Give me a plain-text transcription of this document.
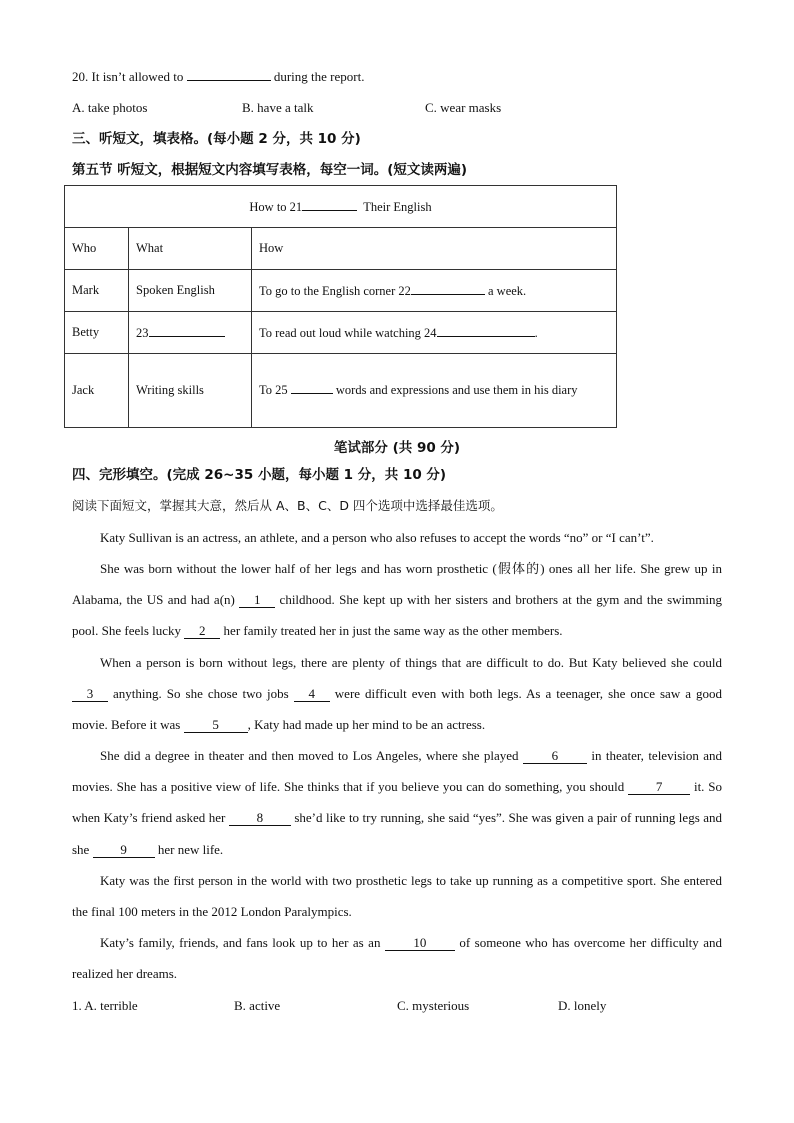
20. It isn’t allowed to	during the report.
A. take photos	B. have a talk	C. wear masks
三、听短文，填表格。(每小题 2 分，共 10 分)
第五节 听短文，根据短文内容填写表格，每空一词。(短文读两遍)
How to 21 Their English		
Who	What	How
Mark	Spoken English	To go to the English corner 22 a week.
Betty	23	To read out loud while watching 24 .
Jack	Writing skills	To 25 words and expressions and use them in his diary
笔试部分 (共 90 分)
四、完形填空。(完成 26~35 小题，每小题 1 分，共 10 分)
阅读下面短文，掌握其大意，然后从 A、B、C、D 四个选项中选择最佳选项。
Katy Sullivan is an actress, an athlete, and a person who also refuses to accept the words “no” or “I can’t”.
She was born without the lower half of her legs and has worn prosthetic (假体的) ones all her life. She grew up in Alabama, the US and had a(n) 1 childhood. She kept up with her sisters and brothers at the gym and the swimming pool. She feels lucky 2 her family treated her in just the same way as the other members.
When a person is born without legs, there are plenty of things that are difficult to do. But Katy believed she could 3 anything. So she chose two jobs 4 were difficult even with both legs. As a teenager, she once saw a good movie. Before it was 5 , Katy had made up her mind to be an actress.
She did a degree in theater and then moved to Los Angeles, where she played	6	in theater, television and movies. She has a positive view of life. She thinks that if you believe you can do something, you should 7 it. So when Katy’s friend asked her 8 she’d like to try running, she said “yes”. She was given a pair of running legs and she 9 her new life.
Katy was the first person in the world with two prosthetic legs to take up running as a competitive sport. She entered the final 100 meters in the 2012 London Paralympics.
Katy’s family, friends, and fans look up to her as an	10	of someone who has overcome her difficulty and realized her dreams.
1. A. terrible	B. active	C. mysterious	D. lonely
